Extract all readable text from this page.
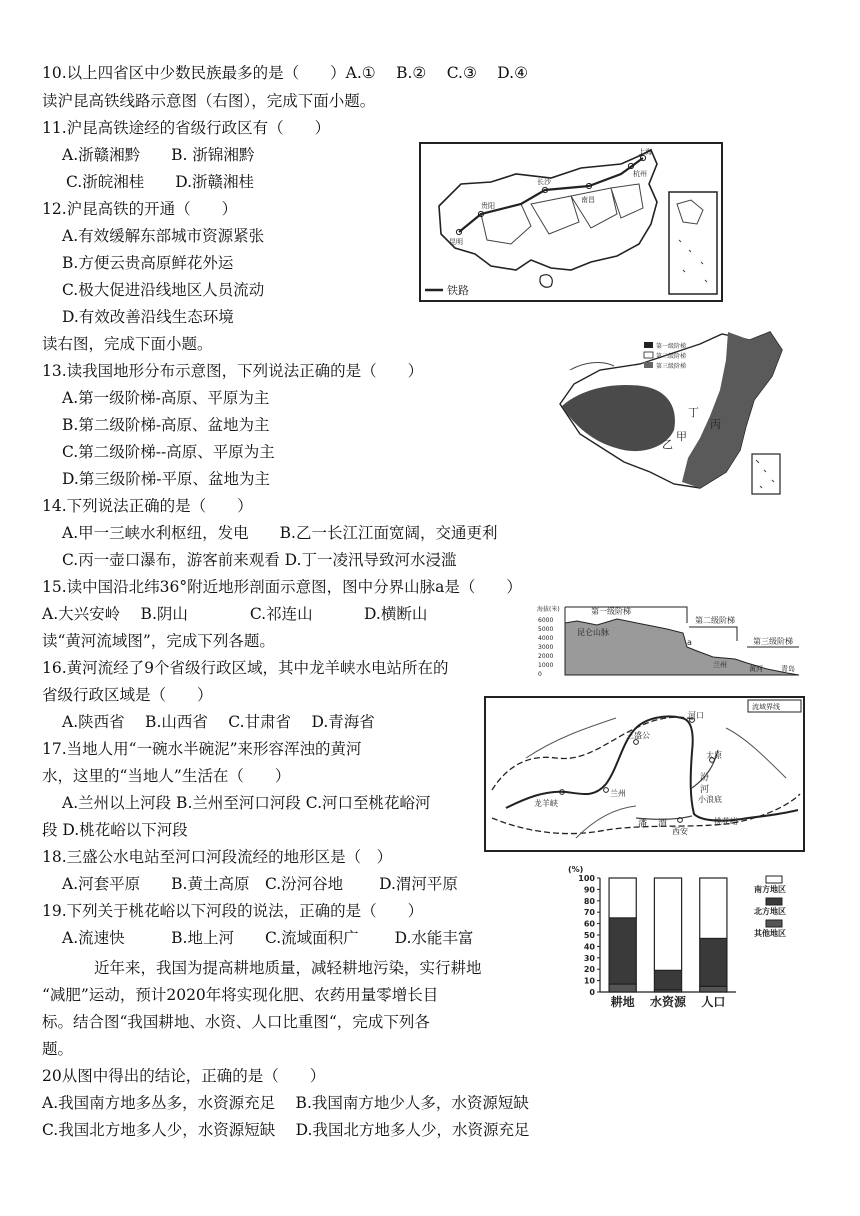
10.以上四省区中少数民族最多的是（　　）A.①　 B.②　 C.③　 D.④
读沪昆高铁线路示意图（右图），完成下面小题。
11.沪昆高铁途经的省级行政区有（　　）
A.浙赣湘黔　　B. 浙锦湘黔
C.浙皖湘桂　　D.浙赣湘桂
12.沪昆高铁的开通（　　）
A.有效缓解东部城市资源紧张
B.方便云贵高原鲜花外运
C.极大促进沿线地区人员流动
D.有效改善沿线生态环境
读右图，完成下面小题。
13.读我国地形分布示意图，下列说法正确的是（　　）
A.第一级阶梯-高原、平原为主
B.第二级阶梯-高原、盆地为主
C.第二级阶梯--高原、平原为主
D.第三级阶梯-平原、盆地为主
14.下列说法正确的是（　　）
A.甲一三峡水利枢纽，发电　　B.乙一长江江面宽阔，交通更利
C.丙一壶口瀑布，游客前来观看 D.丁一凌汛导致河水浸滥
15.读中国沿北纬36°附近地形剖面示意图，图中分界山脉a是（　　）
A.大兴安岭　 B.阴山　　　　C.祁连山　　　 D.横断山
读“黄河流域图”，完成下列各题。
16.黄河流经了9个省级行政区域，其中龙羊峡水电站所在的
省级行政区域是（　　）
A.陕西省　 B.山西省　 C.甘肃省　 D.青海省
17.当地人用“一碗水半碗泥”来形容浑浊的黄河
水，这里的“当地人”生活在（　　）
A.兰州以上河段 B.兰州至河口河段 C.河口至桃花峪河
段 D.桃花峪以下河段
18.三盛公水电站至河口河段流经的地形区是（　）
A.河套平原　　B.黄土高原　C.汾河谷地　　 D.渭河平原
19.下列关于桃花峪以下河段的说法，正确的是（　　）
A.流速快　　　B.地上河　　C.流域面积广　　 D.水能丰富
近年来，我国为提高耕地质量，减轻耕地污染，实行耕地
“减肥”运动，预计2020年将实现化肥、农药用量零增长目
标。结合图“我国耕地、水资、人口比重图“，完成下列各
题。
20从图中得出的结论，正确的是（　　）
A.我国南方地多丛多，水资源充足　 B.我国南方地少人多，水资源短缺
C.我国北方地多人少，水资源短缺　 D.我国北方地多人少，水资源充足
上海
杭州
南昌
长沙
贵阳
昆明
铁路
第一级阶梯
第二级阶梯
第三级阶梯
甲
乙
丙
丁
海拔(米)
6000
5000
4000
3000
2000
1000
0
第一级阶梯
第二级阶梯
第三级阶梯
昆仑山脉
a
兰州	黄河	青岛
流域界线
河口
三盛公
太原
兰州
龙羊峡	小浪底
西安
桃花峪
汾
河
潘 渭
(%)
0
10
20
30
40
50
60
70
80
90
100
耕地 水资源 人口
南方地区
北方地区
其他地区
